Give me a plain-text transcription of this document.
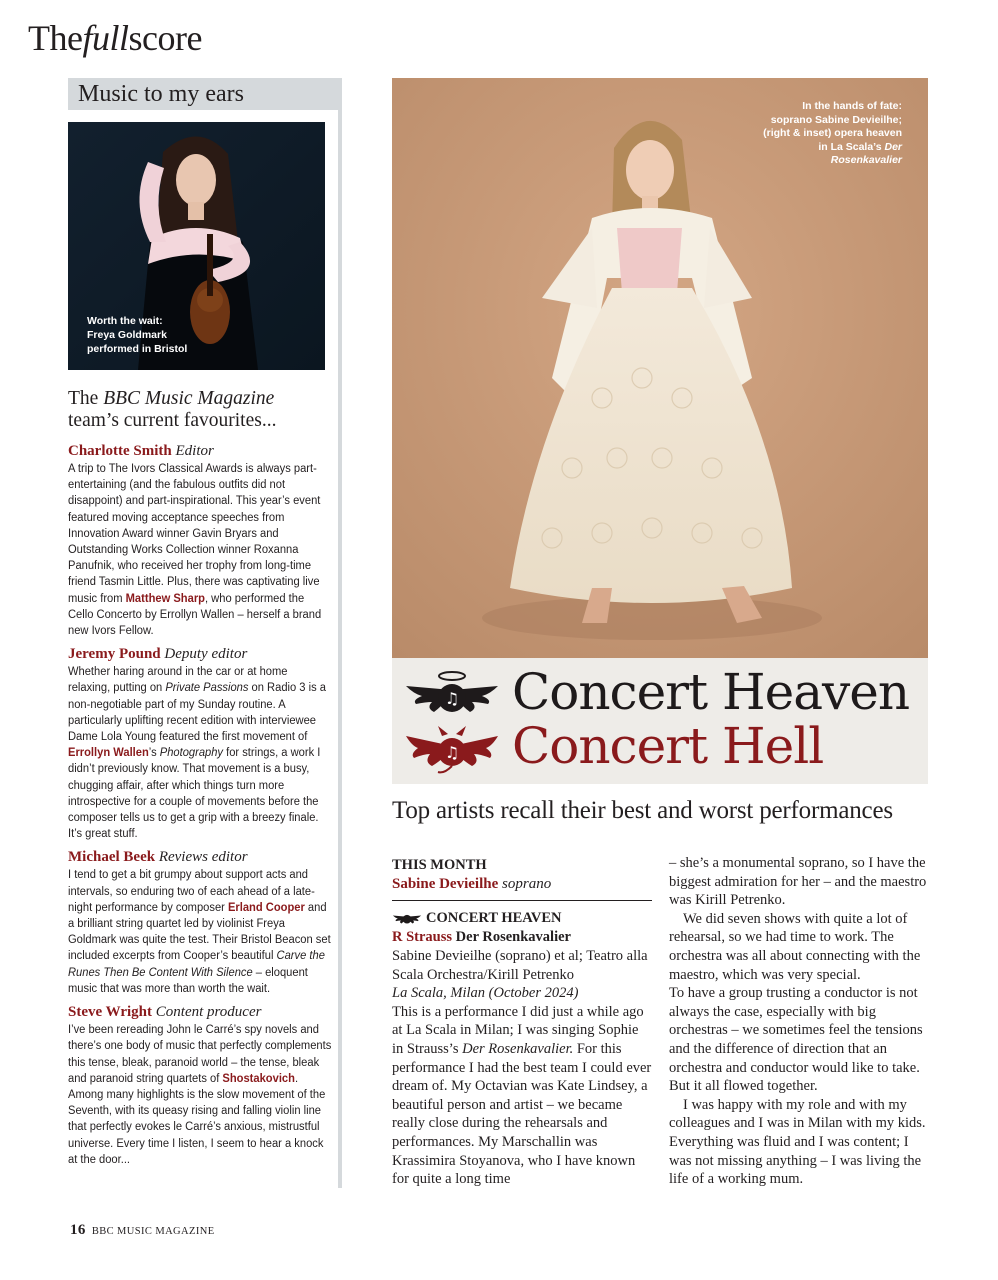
Thefullscore
Music to my ears
Worth the wait:
Freya Goldmark
performed in Bristol
The BBC Music Magazine
team’s current favourites...
Charlotte Smith Editor

A trip to The Ivors Classical Awards is always part-entertaining (and the fabulous outfits did not disappoint) and part-inspirational. This year’s event featured moving acceptance speeches from Innovation Award winner Gavin Bryars and Outstanding Works Collection winner Roxanna Panufnik, who received her trophy from long-time friend Tasmin Little. Plus, there was captivating live music from Matthew Sharp, who performed the Cello Concerto by Errollyn Wallen – herself a brand new Ivors Fellow.

Jeremy Pound Deputy editor

Whether haring around in the car or at home relaxing, putting on Private Passions on Radio 3 is a non-negotiable part of my Sunday routine. A particularly uplifting recent edition with interviewee Dame Lola Young featured the first movement of Errollyn Wallen’s Photography for strings, a work I didn’t previously know. That movement is a busy, chugging affair, after which things turn more introspective for a couple of movements before the composer tells us to get a grip with a breezy finale. It’s great stuff.

Michael Beek Reviews editor

I tend to get a bit grumpy about support acts and intervals, so enduring two of each ahead of a late-night performance by composer Erland Cooper and a brilliant string quartet led by violinist Freya Goldmark was quite the test. Their Bristol Beacon set included excerpts from Cooper’s beautiful Carve the Runes Then Be Content With Silence – eloquent music that was more than worth the wait.

Steve Wright Content producer

I’ve been rereading John le Carré’s spy novels and there’s one body of music that perfectly complements this tense, bleak, paranoid world – the tense, bleak and paranoid string quartets of Shostakovich. Among many highlights is the slow movement of the Seventh, with its queasy rising and falling violin line that perfectly evokes le Carré’s anxious, mistrustful universe. Every time I listen, I seem to hear a knock at the door...

In the hands of fate: soprano Sabine Devieilhe; (right & inset) opera heaven in La Scala’s Der Rosenkavalier
♫
♫
Concert Heaven
Concert Hell
Top artists recall their best and worst performances
THIS MONTH
Sabine Devieilhe soprano
CONCERT HEAVEN
R Strauss Der Rosenkavalier

Sabine Devieilhe (soprano) et al; Teatro alla Scala Orchestra/Kirill Petrenko

La Scala, Milan (October 2024)

This is a performance I did just a while ago at La Scala in Milan; I was singing Sophie in Strauss’s Der Rosenkavalier. For this performance I had the best team I could ever dream of. My Octavian was Kate Lindsey, a beautiful person and artist – we became really close during the rehearsals and performances. My Marschallin was Krassimira Stoyanova, who I have known for quite a long time

– she’s a monumental soprano, so I have the biggest admiration for her – and the maestro was Kirill Petrenko.

We did seven shows with quite a lot of rehearsal, so we had time to work. The orchestra was all about connecting with the maestro, which was very special.

To have a group trusting a conductor is not always the case, especially with big orchestras – we sometimes feel the tensions and the difference of direction that an orchestra and conductor would like to take. But it all flowed together.

I was happy with my role and with my colleagues and I was in Milan with my kids. Everything was fluid and I was content; I was not missing anything – I was living the life of a working mum.

16 BBC MUSIC MAGAZINE
